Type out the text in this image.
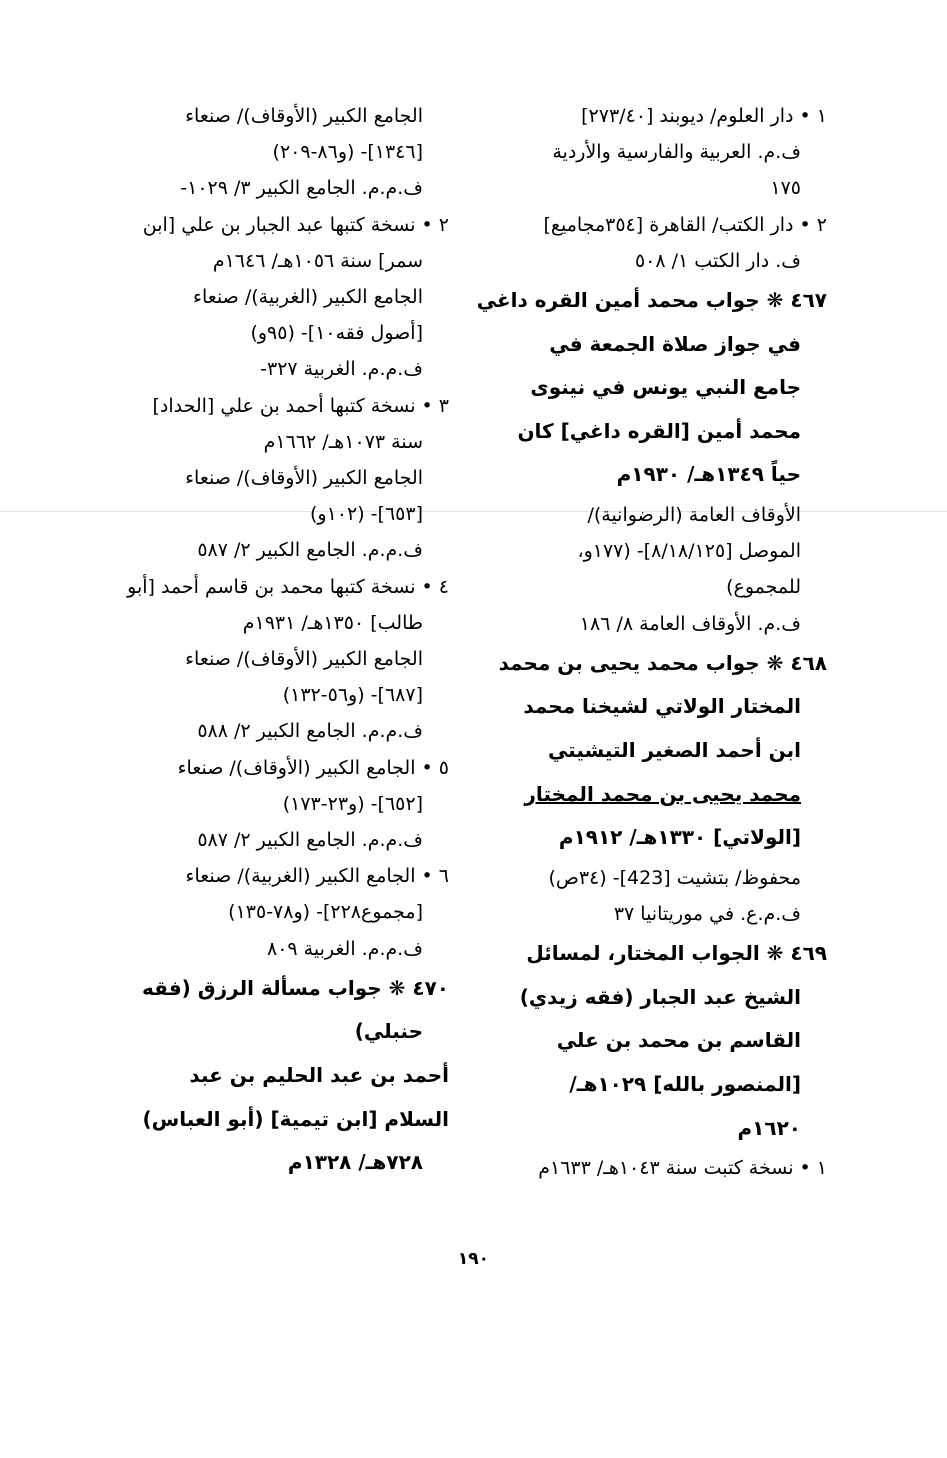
١ • دار العلوم/ ديوبند [٢٧٣/٤٠]
ف.م. العربية والفارسية والأردية
١٧٥
٢ • دار الكتب/ القاهرة [٣٥٤مجاميع]
ف. دار الكتب ١/ ٥٠٨
٤٦٧ ❋ جواب محمد أمين القره داغي
في جواز صلاة الجمعة في
جامع النبي يونس في نينوى
محمد أمين [القره داغي] كان
حياً ١٣٤٩هـ/ ١٩٣٠م
الأوقاف العامة (الرضوانية)/
الموصل [٨/١٨/١٢٥]- (١٧٧و،
للمجموع)
ف.م. الأوقاف العامة ٨/ ١٨٦
٤٦٨ ❋ جواب محمد يحيى بن محمد
المختار الولاتي لشيخنا محمد
ابن أحمد الصغير التيشيتي
محمد يحيى بن محمد المختار
[الولاتي] ١٣٣٠هـ/ ١٩١٢م
محفوظ/ بتشيت [423]- (٣٤ص)
ف.م.ع. في موريتانيا ٣٧
٤٦٩ ❋ الجواب المختار، لمسائل
الشيخ عبد الجبار (فقه زيدي)
القاسم بن محمد بن علي
[المنصور بالله] ١٠٢٩هـ/
١٦٢٠م
١ • نسخة كتبت سنة ١٠٤٣هـ/ ١٦٣٣م
الجامع الكبير (الأوقاف)/ صنعاء
[١٣٤٦]- (و٨٦-٢٠٩)
ف.م.م. الجامع الكبير ٣/ ١٠٢٩-
٢ • نسخة كتبها عبد الجبار بن علي [ابن
سمر] سنة ١٠٥٦هـ/ ١٦٤٦م
الجامع الكبير (الغربية)/ صنعاء
[أصول فقه١٠]- (٩٥و)
ف.م.م. الغربية ٣٢٧-
٣ • نسخة كتبها أحمد بن علي [الحداد]
سنة ١٠٧٣هـ/ ١٦٦٢م
الجامع الكبير (الأوقاف)/ صنعاء
[٦٥٣]- (١٠٢و)
ف.م.م. الجامع الكبير ٢/ ٥٨٧
٤ • نسخة كتبها محمد بن قاسم أحمد [أبو
طالب] ١٣٥٠هـ/ ١٩٣١م
الجامع الكبير (الأوقاف)/ صنعاء
[٦٨٧]- (و٥٦-١٣٢)
ف.م.م. الجامع الكبير ٢/ ٥٨٨
٥ • الجامع الكبير (الأوقاف)/ صنعاء
[٦٥٢]- (و٢٣-١٧٣)
ف.م.م. الجامع الكبير ٢/ ٥٨٧
٦ • الجامع الكبير (الغربية)/ صنعاء
[مجموع٢٢٨]- (و٧٨-١٣٥)
ف.م.م. الغربية ٨٠٩
٤٧٠ ❋ جواب مسألة الرزق (فقه
حنبلي)
أحمد بن عبد الحليم بن عبد
السلام [ابن تيمية] (أبو العباس)
٧٢٨هـ/ ١٣٢٨م
١٩٠
